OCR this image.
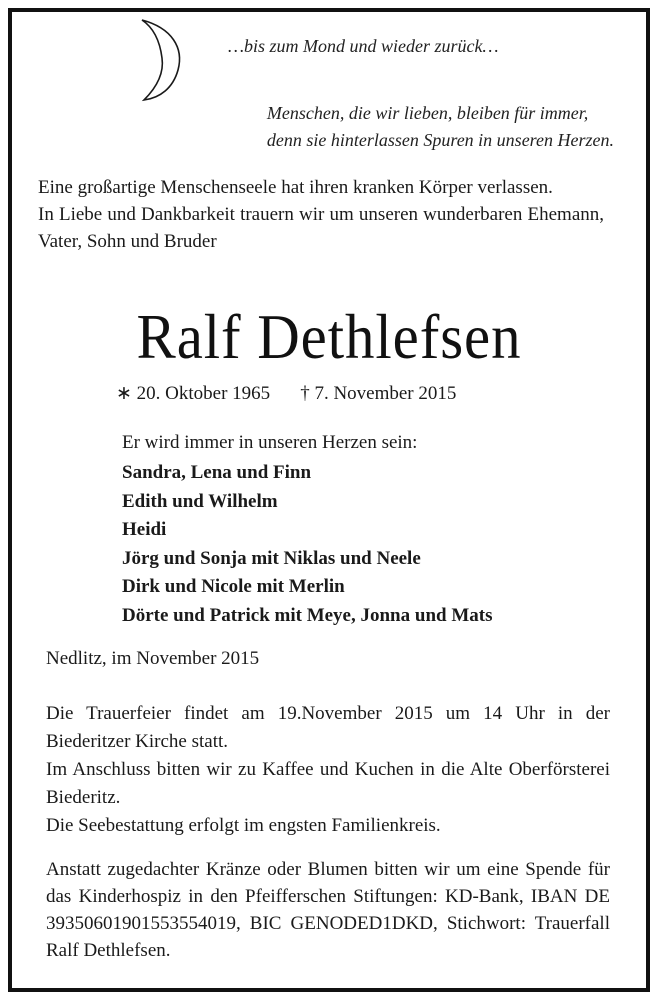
…bis zum Mond und wieder zurück…
Menschen, die wir lieben, bleiben für immer,
denn sie hinterlassen Spuren in unseren Herzen.

Eine großartige Menschenseele hat ihren kranken Körper verlassen.

In Liebe und Dankbarkeit trauern wir um unseren wunderbaren Ehemann, Vater, Sohn und Bruder

Ralf Dethlefsen
∗ 20. Oktober 1965 † 7. November 2015
Er wird immer in unseren Herzen sein:
Sandra, Lena und Finn
Edith und Wilhelm
Heidi
Jörg und Sonja mit Niklas und Neele
Dirk und Nicole mit Merlin
Dörte und Patrick mit Meye, Jonna und Mats
Nedlitz, im November 2015

Die Trauerfeier findet am 19.November 2015 um 14 Uhr in der Biederitzer Kirche statt.

Im Anschluss bitten wir zu Kaffee und Kuchen in die Alte Oberförsterei Biederitz.

Die Seebestattung erfolgt im engsten Familienkreis.

Anstatt zugedachter Kränze oder Blumen bitten wir um eine Spende für das Kinderhospiz in den Pfeifferschen Stiftungen: KD-Bank, IBAN DE 39350601901553554019, BIC GENODED1DKD, Stichwort: Trauerfall Ralf Dethlefsen.
